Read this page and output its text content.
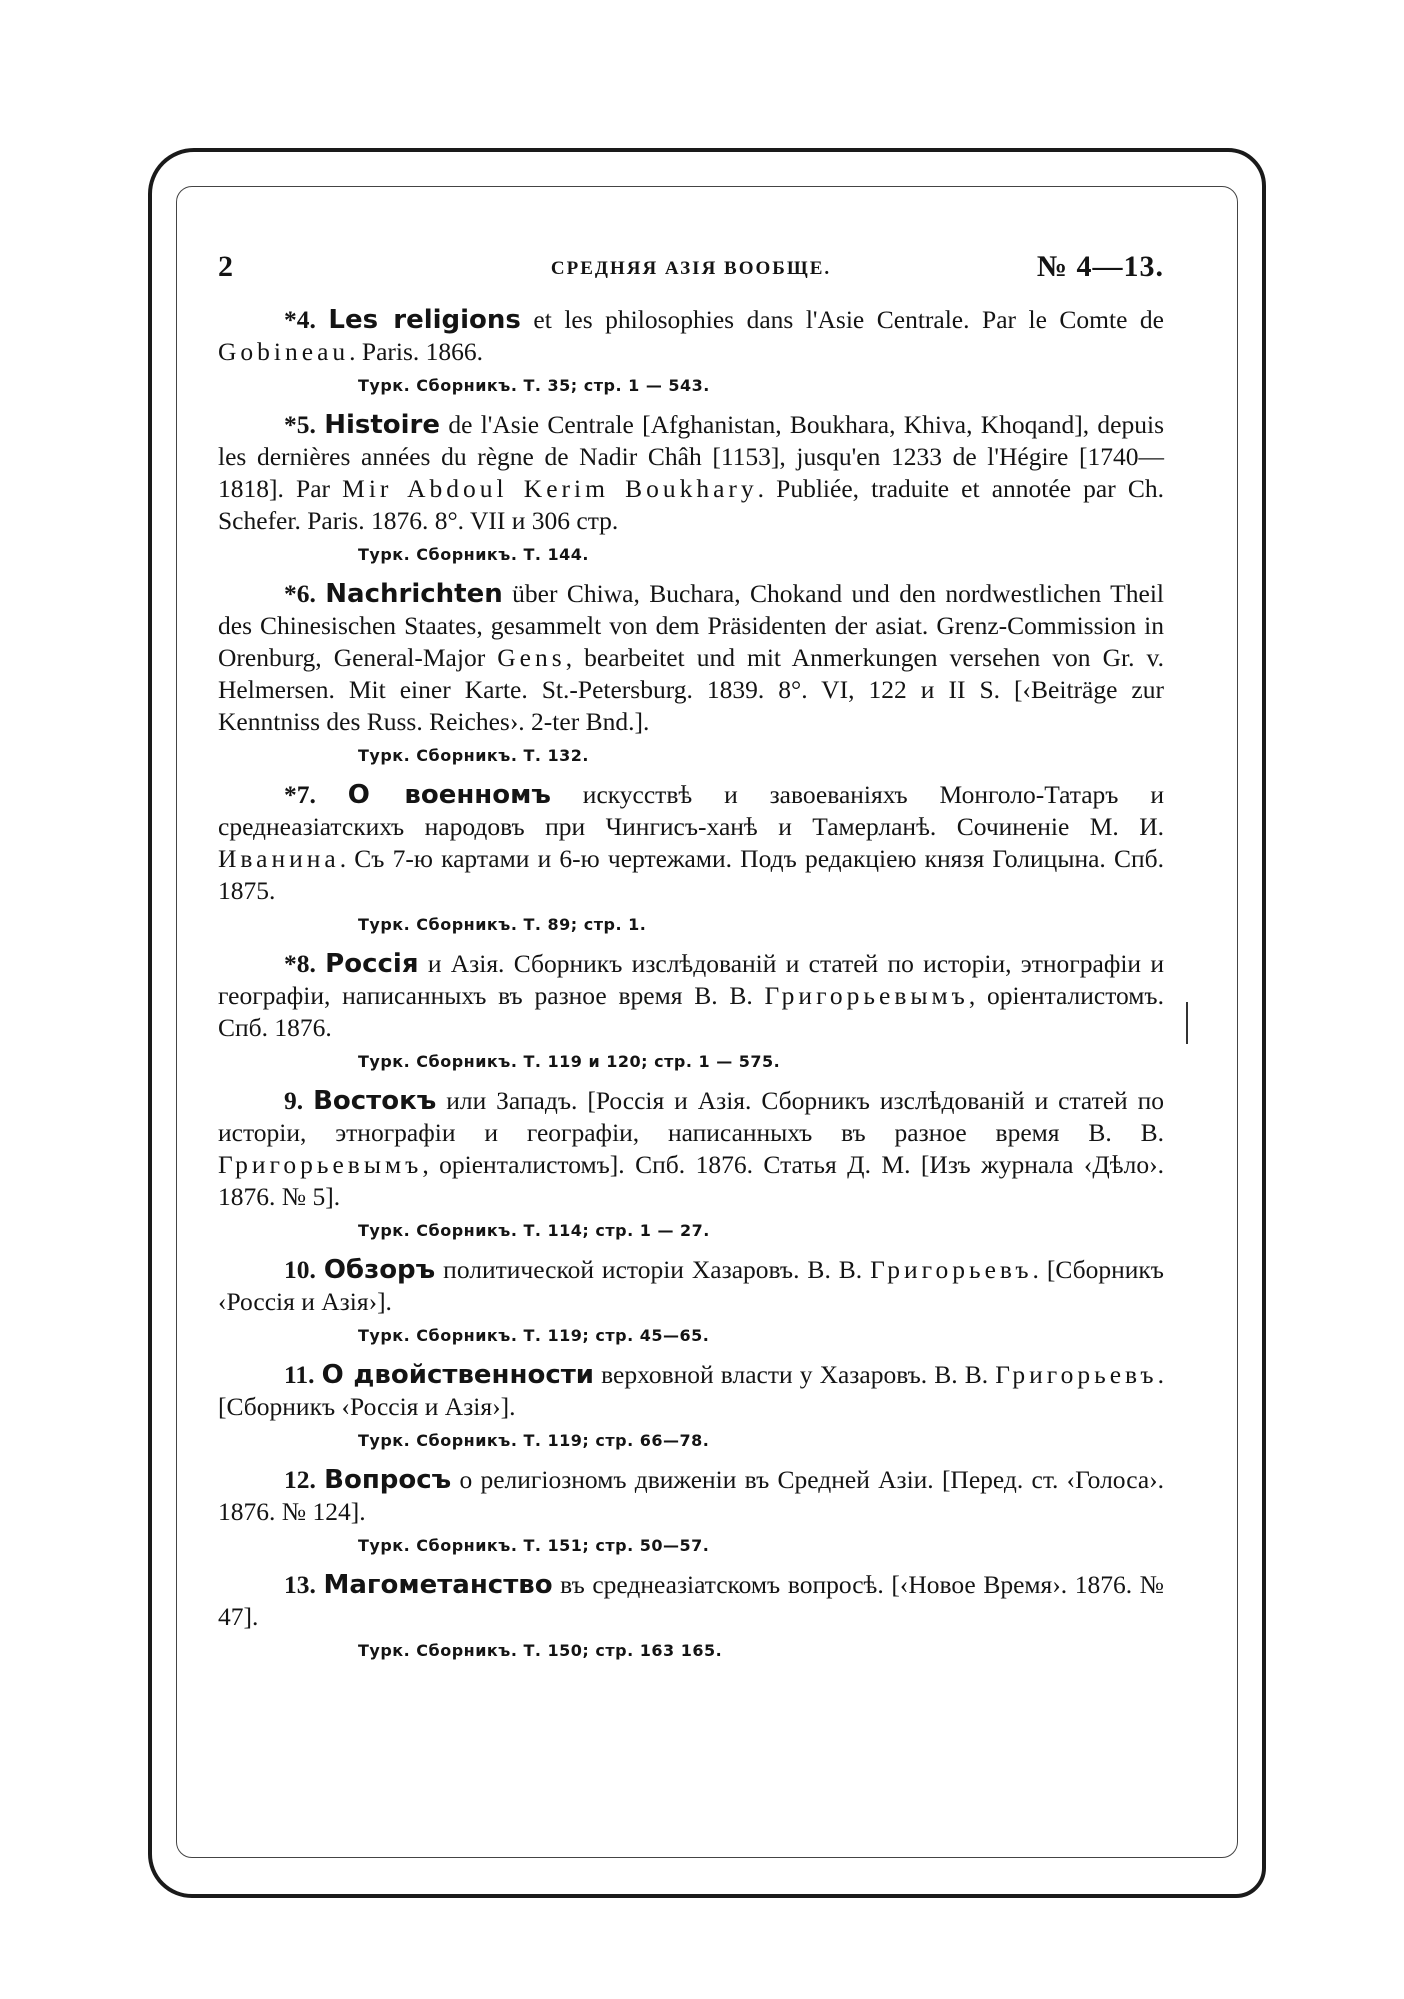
2	СРЕДНЯЯ АЗІЯ ВООБЩЕ.	№ 4—13.

*4. Les religions et les philosophies dans l'Asie Centrale. Par le Comte de Gobineau. Paris. 1866.

Турк. Сборникъ. Т. 35; стр. 1 — 543.

*5. Histoire de l'Asie Centrale [Afghanistan, Boukhara, Khiva, Khoqand], depuis les dernières années du règne de Nadir Châh [1153], jusqu'en 1233 de l'Hégire [1740—1818]. Par Mir Abdoul Kerim Boukhary. Publiée, traduite et annotée par Ch. Schefer. Paris. 1876. 8°. VII и 306 стр.

Турк. Сборникъ. Т. 144.

*6. Nachrichten über Chiwa, Buchara, Chokand und den nordwestlichen Theil des Chinesischen Staates, gesammelt von dem Präsidenten der asiat. Grenz-Commission in Orenburg, General-Major Gens, bearbeitet und mit Anmerkungen versehen von Gr. v. Helmersen. Mit einer Karte. St.-Petersburg. 1839. 8°. VI, 122 и II S. [‹Beiträge zur Kenntniss des Russ. Reiches›. 2-ter Bnd.].

Турк. Сборникъ. Т. 132.

*7. О военномъ искусствѣ и завоеваніяхъ Монголо-Татаръ и среднеазіатскихъ народовъ при Чингисъ-ханѣ и Тамерланѣ. Сочиненіе М. И. Иванина. Съ 7-ю картами и 6-ю чертежами. Подъ редакціею князя Голицына. Спб. 1875.

Турк. Сборникъ. Т. 89; стр. 1.

*8. Россія и Азія. Сборникъ изслѣдованій и статей по исторіи, этнографіи и географіи, написанныхъ въ разное время В. В. Григорьевымъ, оріенталистомъ. Спб. 1876.

Турк. Сборникъ. Т. 119 и 120; стр. 1 — 575.

9. Востокъ или Западъ. [Россія и Азія. Сборникъ изслѣдованій и статей по исторіи, этнографіи и географіи, написанныхъ въ разное время В. В. Григорьевымъ, оріенталистомъ]. Спб. 1876. Статья Д. М. [Изъ журнала ‹Дѣло›. 1876. № 5].

Турк. Сборникъ. Т. 114; стр. 1 — 27.

10. Обзоръ политической исторіи Хазаровъ. В. В. Григорьевъ. [Сборникъ ‹Россія и Азія›].

Турк. Сборникъ. Т. 119; стр. 45—65.

11. О двойственности верховной власти у Хазаровъ. В. В. Григорьевъ. [Сборникъ ‹Россія и Азія›].

Турк. Сборникъ. Т. 119; стр. 66—78.

12. Вопросъ о религіозномъ движеніи въ Средней Азіи. [Перед. ст. ‹Голоса›. 1876. № 124].

Турк. Сборникъ. Т. 151; стр. 50—57.

13. Магометанство въ среднеазіатскомъ вопросѣ. [‹Новое Время›. 1876. № 47].

Турк. Сборникъ. Т. 150; стр. 163 165.
